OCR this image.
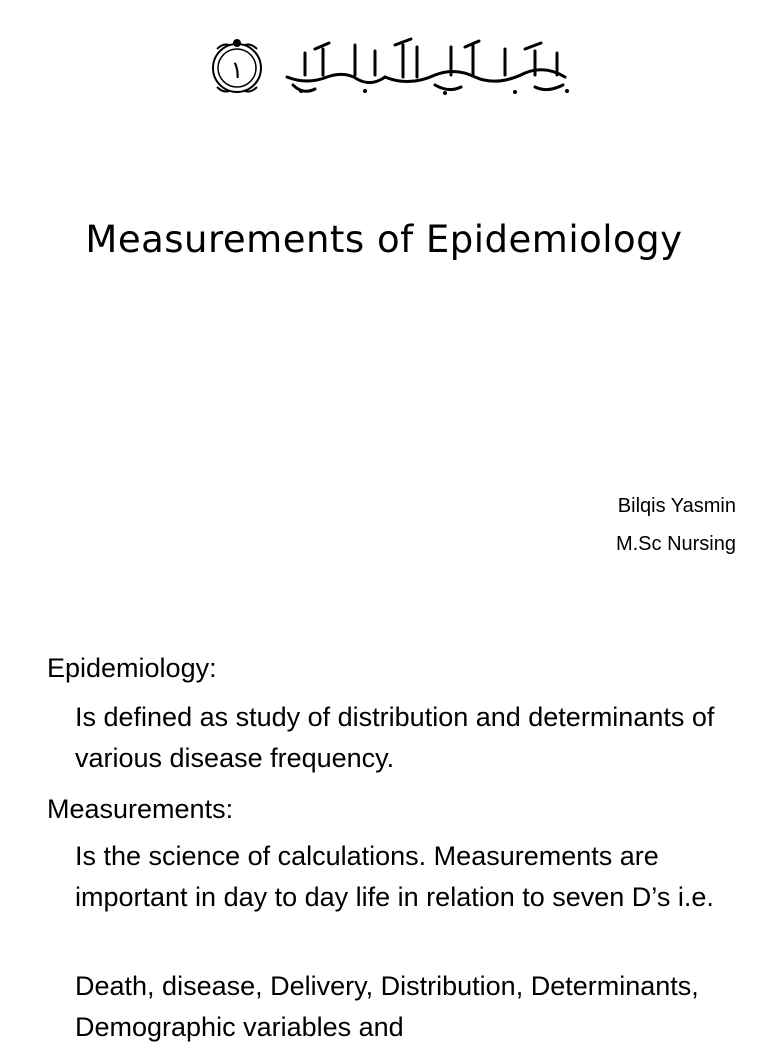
١
Measurements of Epidemiology
Bilqis Yasmin
M.Sc Nursing
Epidemiology:
Is defined as study of distribution and determinants of various disease frequency.
Measurements:
Is the science of calculations. Measurements are important in day to day life in relation to seven D’s i.e.
Death, disease, Delivery, Distribution, Determinants, Demographic variables and
